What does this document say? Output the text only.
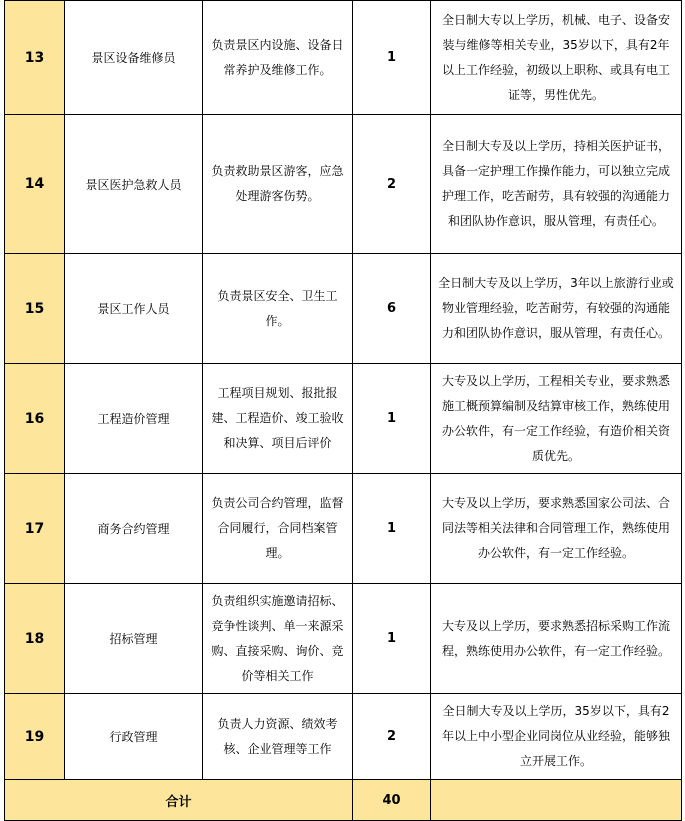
13	景区设备维修员	负责景区内设施、设备日常养护及维修工作。	1	全日制大专以上学历，机械、电子、设备安装与维修等相关专业，35岁以下，具有2年以上工作经验，初级以上职称、或具有电工证等，男性优先。

14	景区医护急救人员	负责救助景区游客，应急处理游客伤势。	2	全日制大专及以上学历，持相关医护证书，具备一定护理工作操作能力，可以独立完成护理工作，吃苦耐劳，具有较强的沟通能力和团队协作意识，服从管理，有责任心。

15	景区工作人员	负责景区安全、卫生工作。	6	全日制大专及以上学历，3年以上旅游行业或物业管理经验，吃苦耐劳，有较强的沟通能力和团队协作意识，服从管理，有责任心。

16	工程造价管理	工程项目规划、报批报建、工程造价、竣工验收和决算、项目后评价	1	大专及以上学历，工程相关专业，要求熟悉施工概预算编制及结算审核工作，熟练使用办公软件，有一定工作经验，有造价相关资质优先。

17	商务合约管理	负责公司合约管理，监督合同履行，合同档案管理。	1	大专及以上学历，要求熟悉国家公司法、合同法等相关法律和合同管理工作，熟练使用办公软件，有一定工作经验。

18	招标管理	负责组织实施邀请招标、竞争性谈判、单一来源采购、直接采购、询价、竞价等相关工作	1	大专及以上学历，要求熟悉招标采购工作流程，熟练使用办公软件，有一定工作经验。

19	行政管理	负责人力资源、绩效考核、企业管理等工作	2	全日制大专及以上学历，35岁以下，具有2年以上中小型企业同岗位从业经验，能够独立开展工作。

合计			40	
